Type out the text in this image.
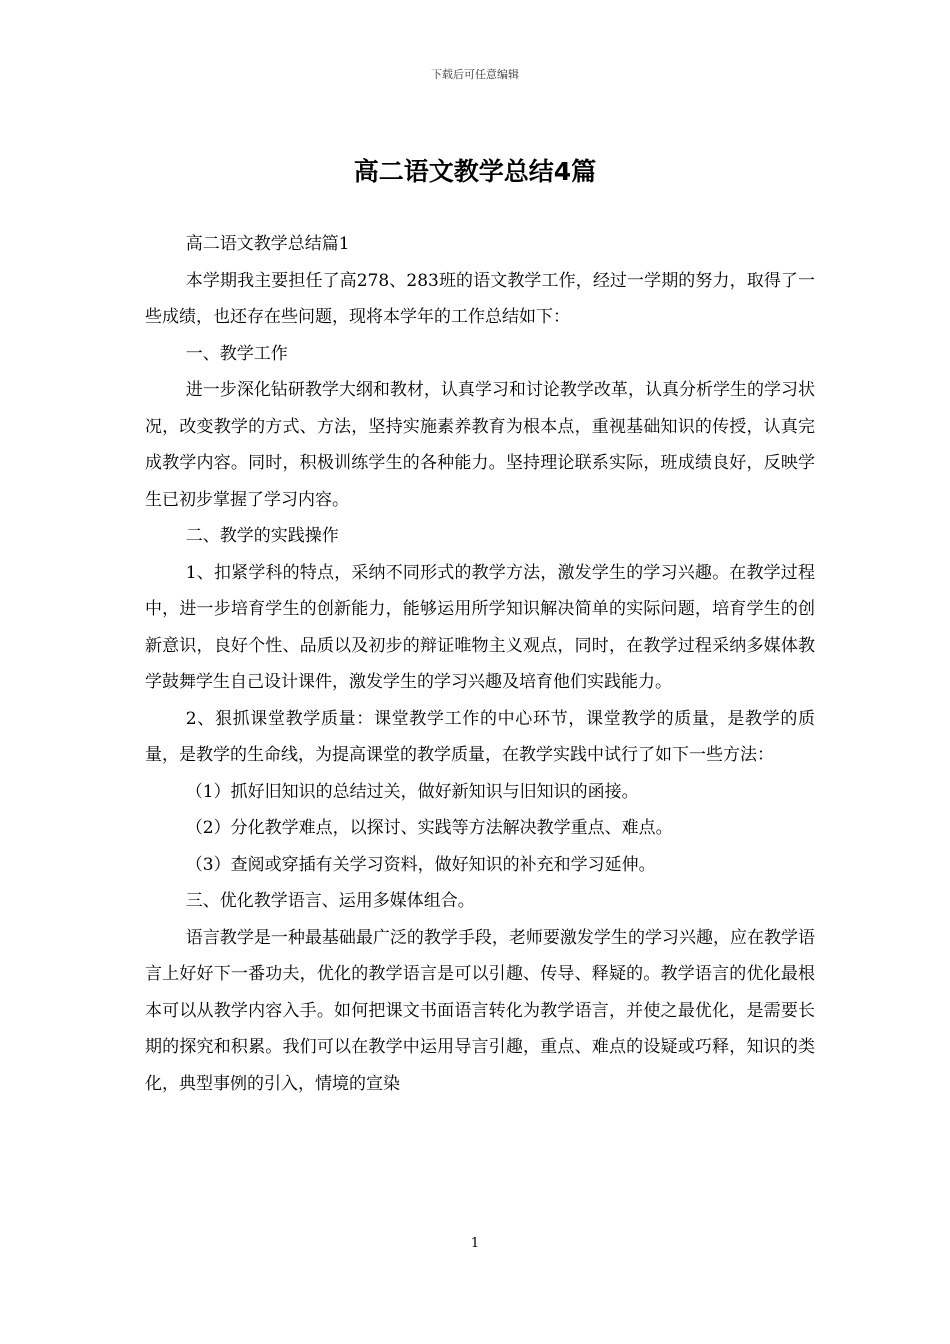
下载后可任意编辑
高二语文教学总结4篇

高二语文教学总结篇1

本学期我主要担任了高278、283班的语文教学工作，经过一学期的努力，取得了一些成绩，也还存在些问题，现将本学年的工作总结如下：

一、教学工作

进一步深化钻研教学大纲和教材，认真学习和讨论教学改革，认真分析学生的学习状况，改变教学的方式、方法，坚持实施素养教育为根本点，重视基础知识的传授，认真完成教学内容。同时，积极训练学生的各种能力。坚持理论联系实际，班成绩良好，反映学生已初步掌握了学习内容。

二、教学的实践操作

1、扣紧学科的特点，采纳不同形式的教学方法，激发学生的学习兴趣。在教学过程中，进一步培育学生的创新能力，能够运用所学知识解决简单的实际问题，培育学生的创新意识，良好个性、品质以及初步的辩证唯物主义观点，同时，在教学过程采纳多媒体教学鼓舞学生自己设计课件，激发学生的学习兴趣及培育他们实践能力。

2、狠抓课堂教学质量：课堂教学工作的中心环节，课堂教学的质量，是教学的质量，是教学的生命线，为提高课堂的教学质量，在教学实践中试行了如下一些方法：

（1）抓好旧知识的总结过关，做好新知识与旧知识的函接。

（2）分化教学难点，以探讨、实践等方法解决教学重点、难点。

（3）查阅或穿插有关学习资料，做好知识的补充和学习延伸。

三、优化教学语言、运用多媒体组合。

语言教学是一种最基础最广泛的教学手段，老师要激发学生的学习兴趣，应在教学语言上好好下一番功夫，优化的教学语言是可以引趣、传导、释疑的。教学语言的优化最根本可以从教学内容入手。如何把课文书面语言转化为教学语言，并使之最优化，是需要长期的探究和积累。我们可以在教学中运用导言引趣，重点、难点的设疑或巧释，知识的类化，典型事例的引入，情境的宣染

1
